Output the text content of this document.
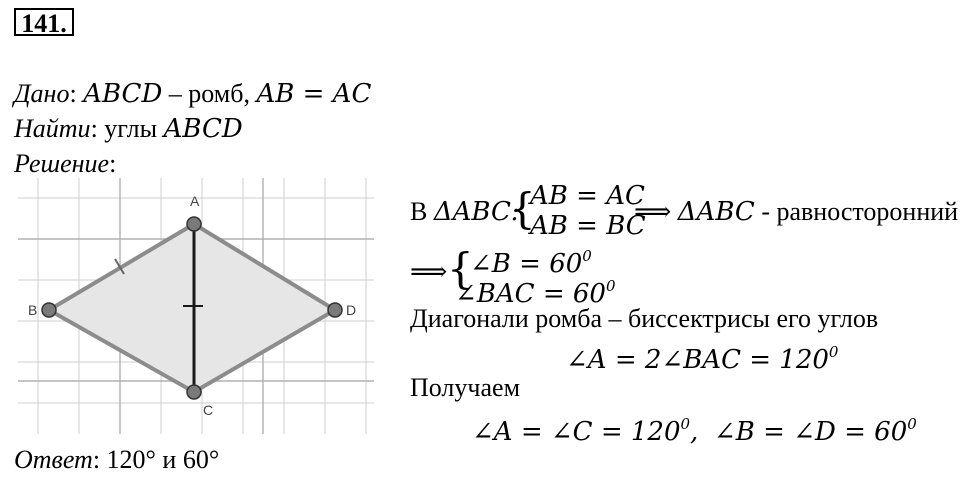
141.
Дано: ABCD – ромб, AB = AC
Найти: углы ABCD
Решение:
A
B
C
D
В ΔABC:
{
AB = AC
AB = BC
⟹ ΔABC - равносторонний
⟹ {
∠B = $60^0$
∠BAC = $60^0$
Диагонали ромба – биссектрисы его углов
∠A = 2∠BAC = $120^0$
Получаем
∠A = ∠C = $120^0$, ∠B = ∠D = $60^0$
Ответ: 120° и 60°
